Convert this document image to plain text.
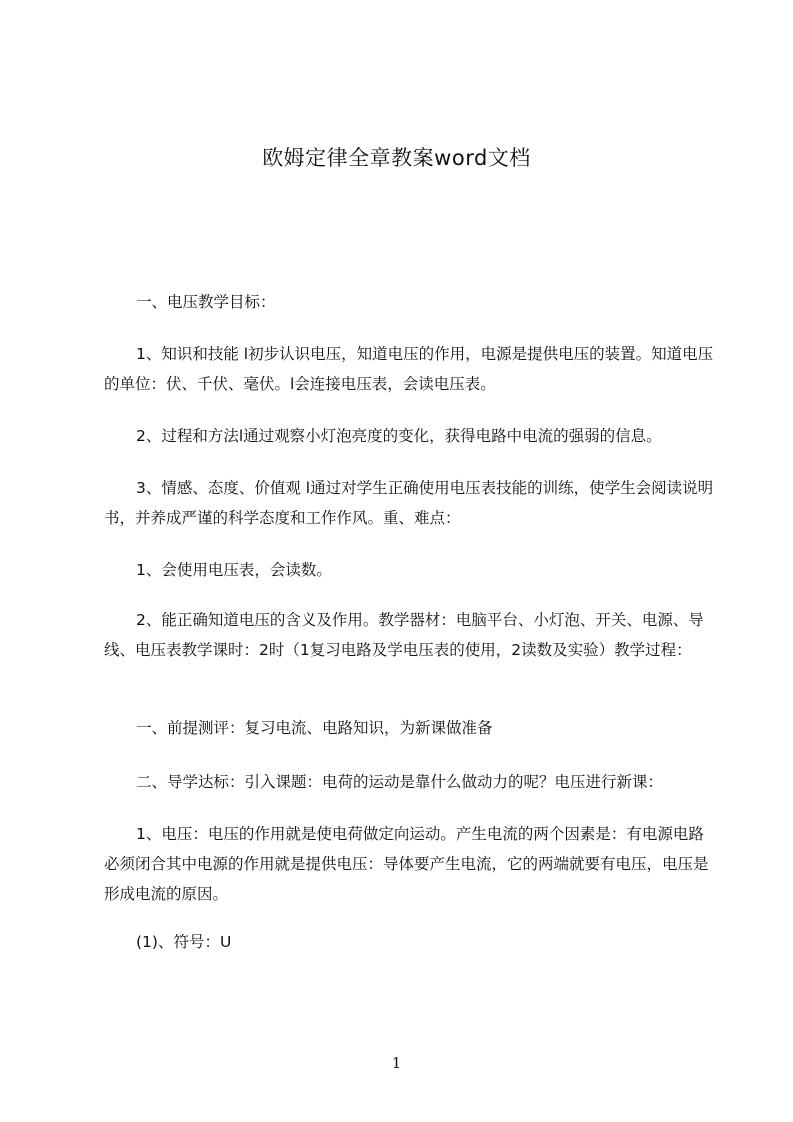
欧姆定律全章教案word文档

一、电压教学目标：

1、知识和技能 l初步认识电压，知道电压的作用，电源是提供电压的装置。知道电压的单位：伏、千伏、毫伏。l会连接电压表，会读电压表。

2、过程和方法l通过观察小灯泡亮度的变化，获得电路中电流的强弱的信息。

3、情感、态度、价值观 l通过对学生正确使用电压表技能的训练，使学生会阅读说明书，并养成严谨的科学态度和工作作风。重、难点：

1、会使用电压表，会读数。

2、能正确知道电压的含义及作用。教学器材：电脑平台、小灯泡、开关、电源、导线、电压表教学课时：2时（1复习电路及学电压表的使用，2读数及实验）教学过程：

一、前提测评：复习电流、电路知识，为新课做准备

二、导学达标：引入课题：电荷的运动是靠什么做动力的呢？电压进行新课：

1、电压：电压的作用就是使电荷做定向运动。产生电流的两个因素是：有电源电路必须闭合其中电源的作用就是提供电压：导体要产生电流，它的两端就要有电压，电压是形成电流的原因。

(1)、符号：U

1
